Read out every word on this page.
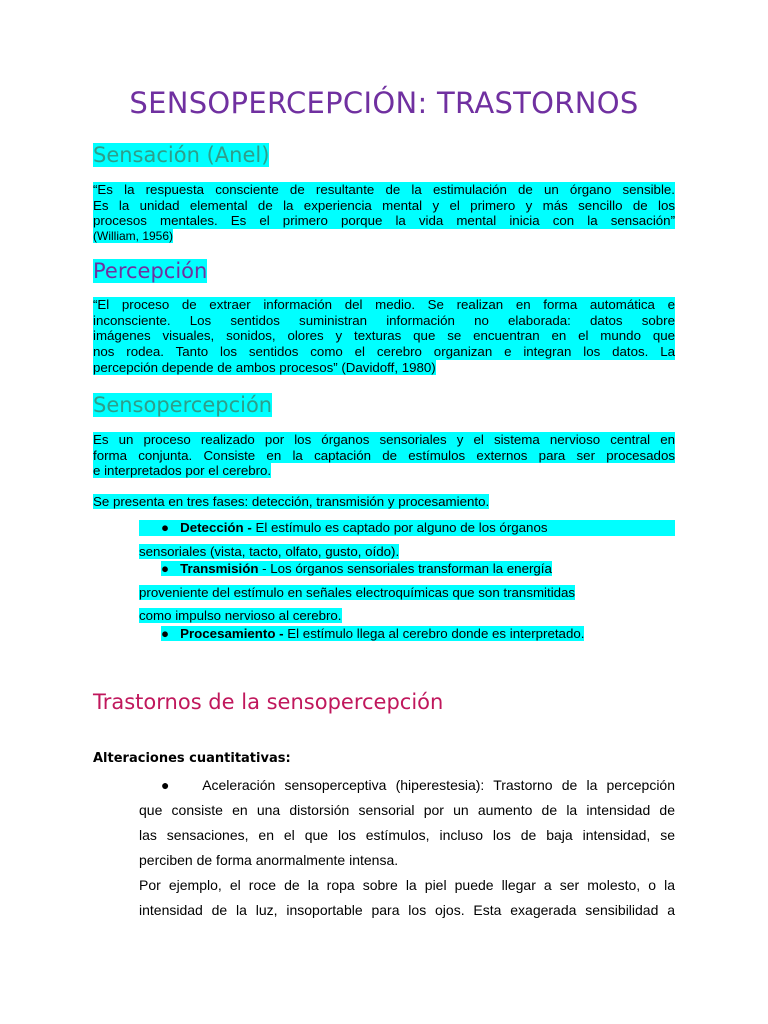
SENSOPERCEPCIÓN: TRASTORNOS
Sensación (Anel)
“Es la respuesta consciente de resultante de la estimulación de un órgano sensible.
Es la unidad elemental de la experiencia mental y el primero y más sencillo de los
procesos mentales. Es el primero porque la vida mental inicia con la sensación”
(William, 1956)
Percepción
“El proceso de extraer información del medio. Se realizan en forma automática e
inconsciente. Los sentidos suministran información no elaborada: datos sobre
imágenes visuales, sonidos, olores y texturas que se encuentran en el mundo que
nos rodea. Tanto los sentidos como el cerebro organizan e integran los datos. La
percepción depende de ambos procesos” (Davidoff, 1980)
Sensopercepción
Es un proceso realizado por los órganos sensoriales y el sistema nervioso central en
forma conjunta. Consiste en la captación de estímulos externos para ser procesados
e interpretados por el cerebro.
Se presenta en tres fases: detección, transmisión y procesamiento.
●   Detección - El estímulo es captado por alguno de los órganos
sensoriales (vista, tacto, olfato, gusto, oído).
●   Transmisión - Los órganos sensoriales transforman la energía
proveniente del estímulo en señales electroquímicas que son transmitidas
como impulso nervioso al cerebro.
●   Procesamiento - El estímulo llega al cerebro donde es interpretado.
Trastornos de la sensopercepción
Alteraciones cuantitativas:
●   Aceleración sensoperceptiva (hiperestesia): Trastorno de la percepción
que consiste en una distorsión sensorial por un aumento de la intensidad de
las sensaciones, en el que los estímulos, incluso los de baja intensidad, se
perciben de forma anormalmente intensa.
Por ejemplo, el roce de la ropa sobre la piel puede llegar a ser molesto, o la
intensidad de la luz, insoportable para los ojos. Esta exagerada sensibilidad a
